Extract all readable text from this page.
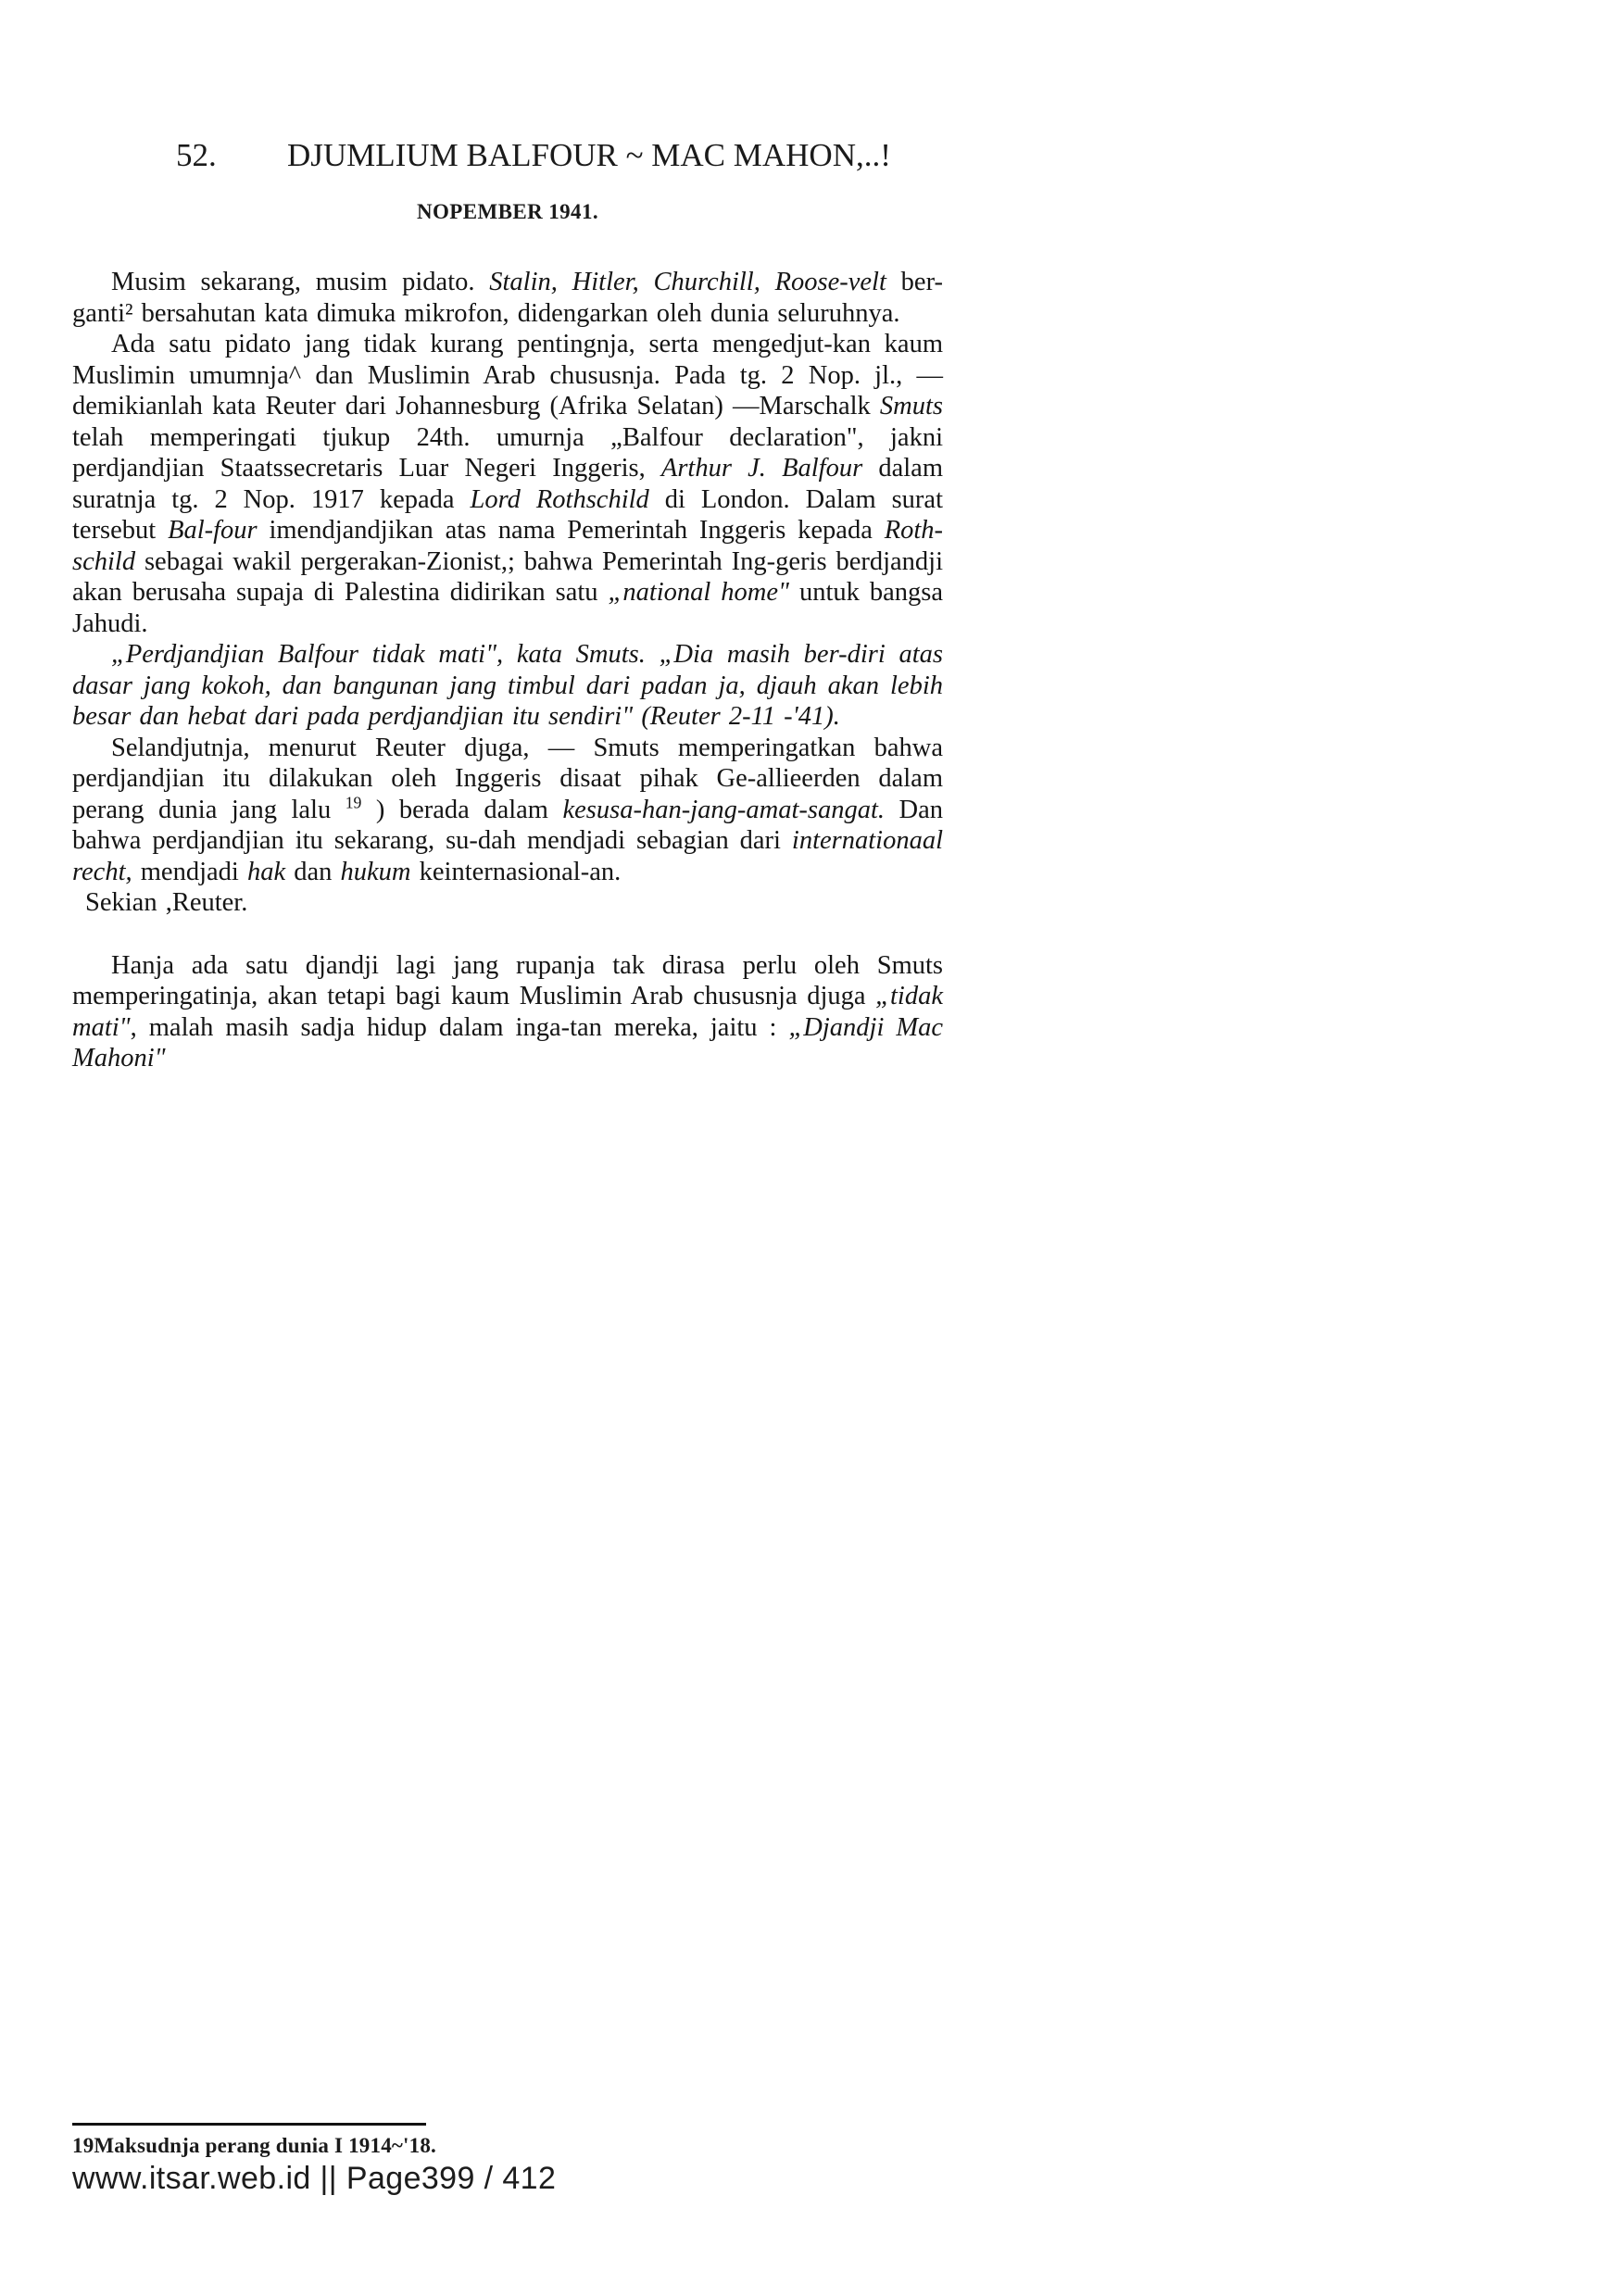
52.	DJUMLIUM BALFOUR ~ MAC MAHON,..!
NOPEMBER 1941.

Musim sekarang, musim pidato. Stalin, Hitler, Churchill, Roose-velt ber-ganti² bersahutan kata dimuka mikrofon, didengarkan oleh dunia seluruhnya.

Ada satu pidato jang tidak kurang pentingnja, serta mengedjut-kan kaum Muslimin umumnja^ dan Muslimin Arab chususnja. Pada tg. 2 Nop. jl., — demikianlah kata Reuter dari Johannesburg (Afrika Selatan) —Marschalk Smuts telah memperingati tjukup 24th. umurnja „Balfour declaration", jakni perdjandjian Staatssecretaris Luar Negeri Inggeris, Arthur J. Balfour dalam suratnja tg. 2 Nop. 1917 kepada Lord Rothschild di London. Dalam surat tersebut Bal-four imendjandjikan atas nama Pemerintah Inggeris kepada Roth-schild sebagai wakil pergerakan-Zionist,; bahwa Pemerintah Ing-geris berdjandji akan berusaha supaja di Palestina didirikan satu „national home" untuk bangsa Jahudi.

„Perdjandjian Balfour tidak mati", kata Smuts. „Dia masih ber-diri atas dasar jang kokoh, dan bangunan jang timbul dari padan ja, djauh akan lebih besar dan hebat dari pada perdjandjian itu sendiri" (Reuter 2-11 -'41).

Selandjutnja, menurut Reuter djuga, — Smuts memperingatkan bahwa perdjandjian itu dilakukan oleh Inggeris disaat pihak Ge-allieerden dalam perang dunia jang lalu $^{19}$ ) berada dalam kesusa-han-jang-amat-sangat. Dan bahwa perdjandjian itu sekarang, su-dah mendjadi sebagian dari internationaal recht, mendjadi hak dan hukum keinternasional-an.

Sekian ,Reuter.

Hanja ada satu djandji lagi jang rupanja tak dirasa perlu oleh Smuts memperingatinja, akan tetapi bagi kaum Muslimin Arab chususnja djuga „tidak mati", malah masih sadja hidup dalam inga-tan mereka, jaitu : „Djandji Mac Mahoni"

19Maksudnja perang dunia I 1914~'18.
www.itsar.web.id || Page399 / 412
